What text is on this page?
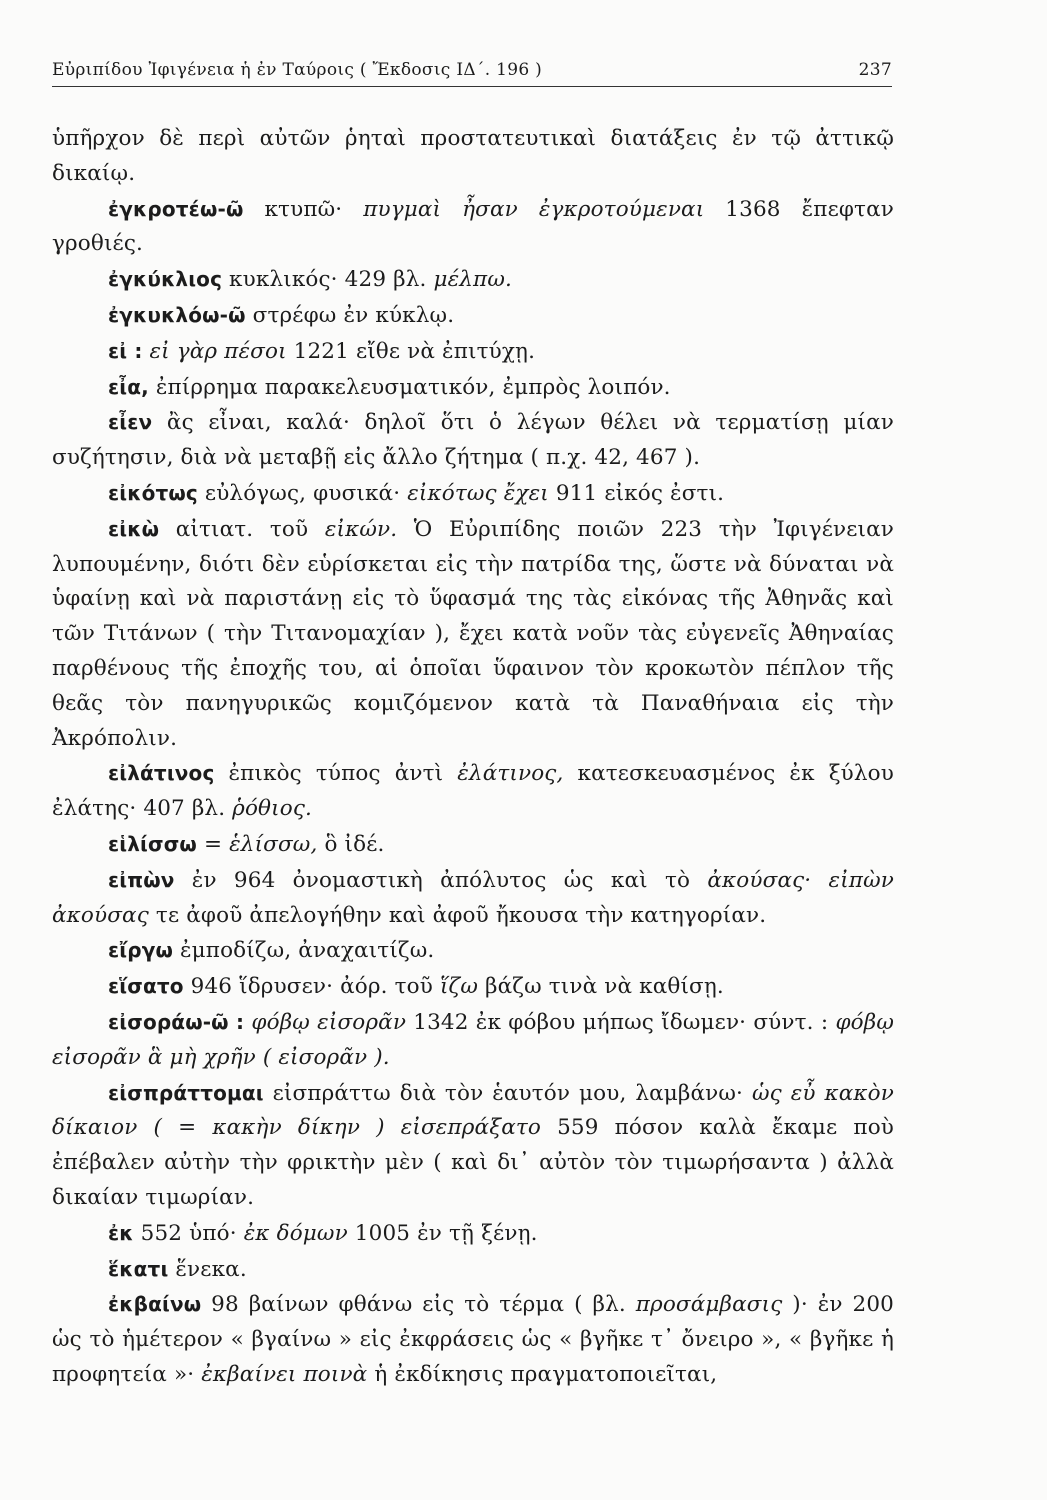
Εὐριπίδου Ἰφιγένεια ἡ ἐν Ταύροις ( Ἔκδοσις ΙΔ΄. 196 )	237

ὑπῆρχον δὲ περὶ αὐτῶν ῥηταὶ προστατευτικαὶ διατάξεις ἐν τῷ ἀττικῷ δικαίῳ.

ἐγκροτέω-ῶ κτυπῶ· πυγμαὶ ἦσαν ἐγκροτούμεναι 1368 ἔπεφταν γροθιές.

ἐγκύκλιος κυκλικός· 429 βλ. μέλπω.

ἐγκυκλόω-ῶ στρέφω ἐν κύκλῳ.

εἰ : εἰ γὰρ πέσοι 1221 εἴθε νὰ ἐπιτύχῃ.

εἶα, ἐπίρρημα παρακελευσματικόν, ἐμπρὸς λοιπόν.

εἶεν ἂς εἶναι, καλά· δηλοῖ ὅτι ὁ λέγων θέλει νὰ τερματίσῃ μίαν συζήτησιν, διὰ νὰ μεταβῇ εἰς ἄλλο ζήτημα ( π.χ. 42, 467 ).

εἰκότως εὐλόγως, φυσικά· εἰκότως ἔχει 911 εἰκός ἐστι.

εἰκὼ αἰτιατ. τοῦ εἰκών. Ὁ Εὐριπίδης ποιῶν 223 τὴν Ἰφιγένειαν λυπουμένην, διότι δὲν εὑρίσκεται εἰς τὴν πατρίδα της, ὥστε νὰ δύναται νὰ ὑφαίνῃ καὶ νὰ παριστάνῃ εἰς τὸ ὕφασμά της τὰς εἰκόνας τῆς Ἀθηνᾶς καὶ τῶν Τιτάνων ( τὴν Τιτανομαχίαν ), ἔχει κατὰ νοῦν τὰς εὐγενεῖς Ἀθηναίας παρθένους τῆς ἐποχῆς του, αἱ ὁποῖαι ὕφαινον τὸν κροκωτὸν πέπλον τῆς θεᾶς τὸν πανηγυρικῶς κομιζόμενον κατὰ τὰ Παναθήναια εἰς τὴν Ἀκρόπολιν.

εἰλάτινος ἐπικὸς τύπος ἀντὶ ἐλάτινος, κατεσκευασμένος ἐκ ξύλου ἐλάτης· 407 βλ. ῥόθιος.

εἱλίσσω = ἑλίσσω, ὃ ἰδέ.

εἰπὼν ἐν 964 ὀνομαστικὴ ἀπόλυτος ὡς καὶ τὸ ἀκούσας· εἰπὼν ἀκούσας τε ἀφοῦ ἀπελογήθην καὶ ἀφοῦ ἤκουσα τὴν κατηγορίαν.

εἴργω ἐμποδίζω, ἀναχαιτίζω.

εἵσατο 946 ἵδρυσεν· ἀόρ. τοῦ ἵζω βάζω τινὰ νὰ καθίσῃ.

εἰσοράω-ῶ : φόβῳ εἰσορᾶν 1342 ἐκ φόβου μήπως ἴδωμεν· σύντ. : φόβῳ εἰσορᾶν ἃ μὴ χρῆν ( εἰσορᾶν ).

εἰσπράττομαι εἰσπράττω διὰ τὸν ἑαυτόν μου, λαμβάνω· ὡς εὖ κακὸν δίκαιον ( = κακὴν δίκην ) εἰσεπράξατο 559 πόσον καλὰ ἔκαμε ποὺ ἐπέβαλεν αὐτὴν τὴν φρικτὴν μὲν ( καὶ δι᾽ αὐτὸν τὸν τιμωρήσαντα ) ἀλλὰ δικαίαν τιμωρίαν.

ἐκ 552 ὑπό· ἐκ δόμων 1005 ἐν τῇ ξένῃ.

ἕκατι ἕνεκα.

ἐκβαίνω 98 βαίνων φθάνω εἰς τὸ τέρμα ( βλ. προσάμβασις )· ἐν 200 ὡς τὸ ἡμέτερον « βγαίνω » εἰς ἐκφράσεις ὡς « βγῆκε τ᾽ ὄνειρο », « βγῆκε ἡ προφητεία »· ἐκβαίνει ποινὰ ἡ ἐκδίκησις πραγματοποιεῖται,
